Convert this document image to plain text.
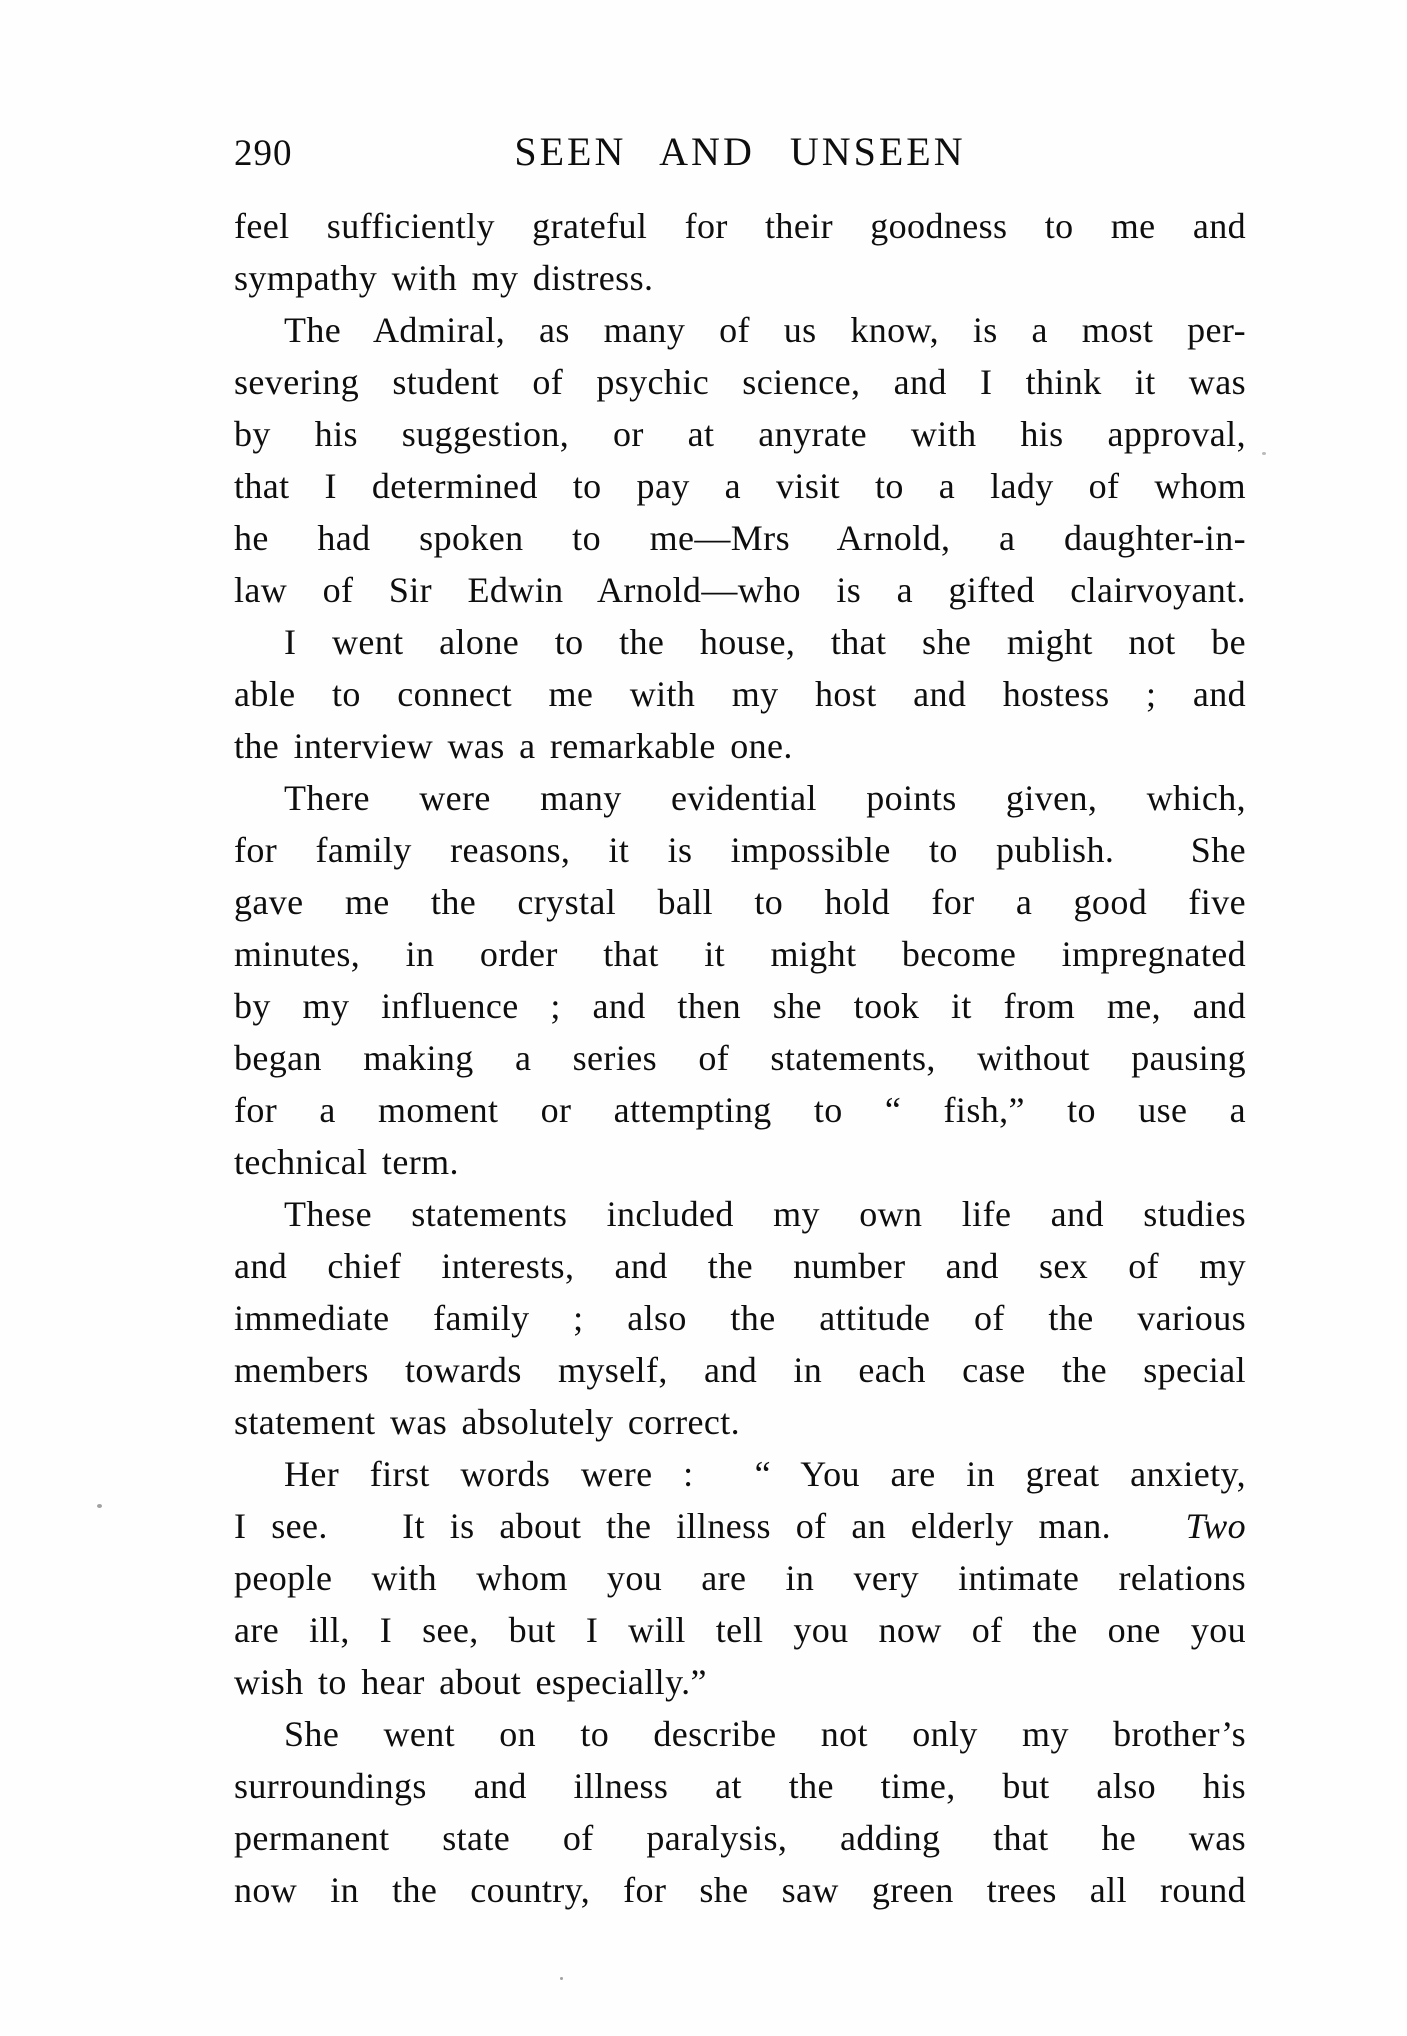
290	SEEN AND UNSEEN
feel sufficiently grateful for their goodness to me and
sympathy with my distress.
The Admiral, as many of us know, is a most per-
severing student of psychic science, and I think it was
by his suggestion, or at anyrate with his approval,
that I determined to pay a visit to a lady of whom
he had spoken to me—Mrs Arnold, a daughter-in-
law of Sir Edwin Arnold—who is a gifted clairvoyant.
I went alone to the house, that she might not be
able to connect me with my host and hostess ; and
the interview was a remarkable one.
There were many evidential points given, which,
for family reasons, it is impossible to publish.  She
gave me the crystal ball to hold for a good five
minutes, in order that it might become impregnated
by my influence ; and then she took it from me, and
began making a series of statements, without pausing
for a moment or attempting to “ fish,” to use a
technical term.
These statements included my own life and studies
and chief interests, and the number and sex of my
immediate family ; also the attitude of the various
members towards myself, and in each case the special
statement was absolutely correct.
Her first words were :  “ You are in great anxiety,
I see.   It is about the illness of an elderly man.   Two
people with whom you are in very intimate relations
are ill, I see, but I will tell you now of the one you
wish to hear about especially.”
She went on to describe not only my brother’s
surroundings and illness at the time, but also his
permanent state of paralysis, adding that he was
now in the country, for she saw green trees all round
